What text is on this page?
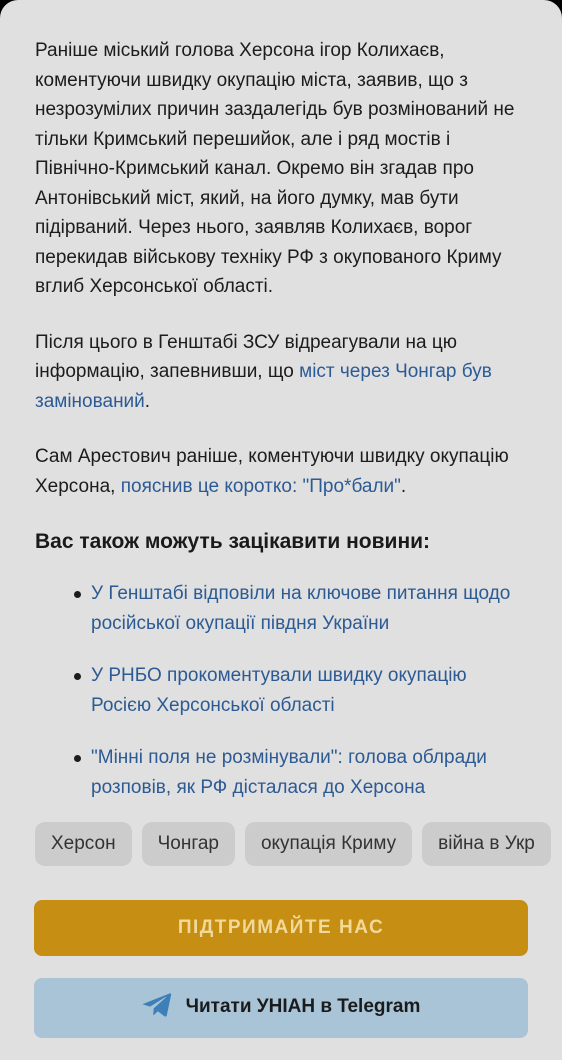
Раніше міський голова Херсона ігор Колихаєв, коментуючи швидку окупацію міста, заявив, що з незрозумілих причин заздалегідь був розмінований не тільки Кримський перешийок, але і ряд мостів і Північно-Кримський канал. Окремо він згадав про Антонівський міст, який, на його думку, мав бути підірваний. Через нього, заявляв Колихаєв, ворог перекидав військову техніку РФ з окупованого Криму вглиб Херсонської області.

Після цього в Генштабі ЗСУ відреагували на цю інформацію, запевнивши, що міст через Чонгар був замінований.

Сам Арестович раніше, коментуючи швидку окупацію Херсона, пояснив це коротко: "Про*бали".

Вас також можуть зацікавити новини:
У Генштабі відповіли на ключове питання щодо російської окупації півдня України
У РНБО прокоментували швидку окупацію Росією Херсонської області
"Мінні поля не розмінували": голова облради розповів, як РФ дісталася до Херсона
Херсон Чонгар окупація Криму війна в Укр
ПІДТРИМАЙТЕ НАС
Читати УНІАН в Telegram
